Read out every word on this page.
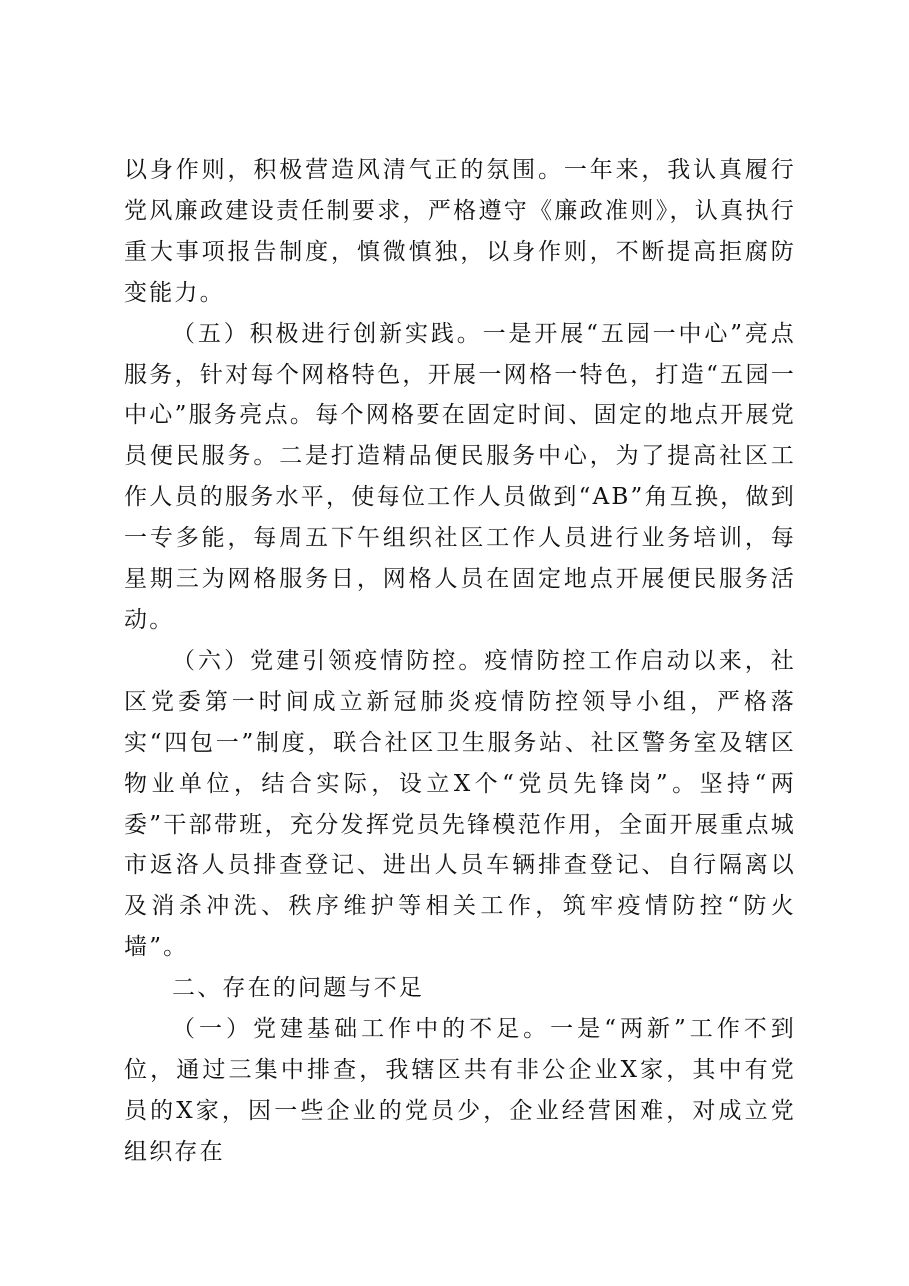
以身作则，积极营造风清气正的氛围。一年来，我认真履行党风廉政建设责任制要求，严格遵守《廉政准则》，认真执行重大事项报告制度，慎微慎独，以身作则，不断提高拒腐防变能力。

（五）积极进行创新实践。一是开展“五园一中心”亮点服务，针对每个网格特色，开展一网格一特色，打造“五园一中心”服务亮点。每个网格要在固定时间、固定的地点开展党员便民服务。二是打造精品便民服务中心，为了提高社区工作人员的服务水平，使每位工作人员做到“AB”角互换，做到一专多能，每周五下午组织社区工作人员进行业务培训，每星期三为网格服务日，网格人员在固定地点开展便民服务活动。

（六）党建引领疫情防控。疫情防控工作启动以来，社区党委第一时间成立新冠肺炎疫情防控领导小组，严格落实“四包一”制度，联合社区卫生服务站、社区警务室及辖区物业单位，结合实际，设立X个“党员先锋岗”。坚持“两委”干部带班，充分发挥党员先锋模范作用，全面开展重点城市返洛人员排查登记、进出人员车辆排查登记、自行隔离以及消杀冲洗、秩序维护等相关工作，筑牢疫情防控“防火墙”。

二、存在的问题与不足

（一）党建基础工作中的不足。一是“两新”工作不到位，通过三集中排查，我辖区共有非公企业X家，其中有党员的X家，因一些企业的党员少，企业经营困难，对成立党组织存在
